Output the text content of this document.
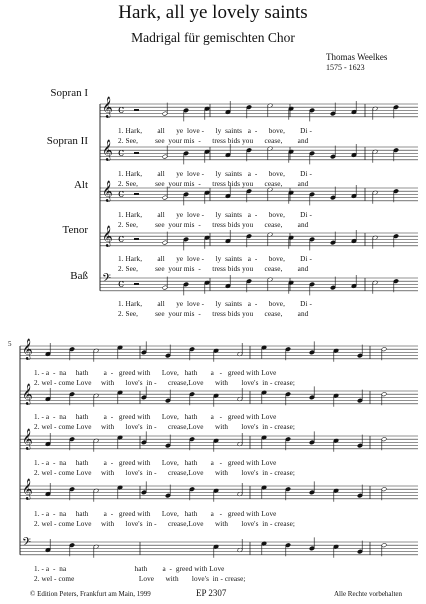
Hark, all ye lovely saints
Madrigal für gemischten Chor
Thomas Weelkes
1575 - 1623
Sopran I
Sopran II
Alt
Tenor
Baß
5
𝄞 c
𝄞 c
𝄞 c
𝄞 c
𝄢 c
𝄞
𝄞
𝄞
𝄞
𝄢
1. Hark,        all      ye  love -      ly  saints   a  -      bove,        Di -
2. See,         see  your mis  -      tress bids you      cease,        and
1. Hark,        all      ye  love -      ly  saints   a  -      bove,        Di -
2. See,         see  your mis  -      tress bids you      cease,        and
1. Hark,        all      ye  love -      ly  saints   a  -      bove,        Di -
2. See,         see  your mis  -      tress bids you      cease,        and
1. Hark,        all      ye  love -      ly  saints   a  -      bove,        Di -
2. See,         see  your mis  -      tress bids you      cease,        and
1. Hark,        all      ye  love -      ly  saints   a  -      bove,        Di -
2. See,         see  your mis  -      tress bids you      cease,        and
1. - a  -  na     hath        a  -   greed with      Love,   hath       a   -   greed with Love
2. wel - come Love     with      love's  in -      crease,Love      with       love's  in - crease;
1. - a  -  na     hath        a  -   greed with      Love,   hath       a   -   greed with Love
2. wel - come Love     with      love's  in -      crease,Love      with       love's  in - crease;
1. - a  -  na     hath        a  -   greed with      Love,   hath       a   -   greed with Love
2. wel - come Love     with      love's  in -      crease,Love      with       love's  in - crease;
1. - a  -  na     hath        a  -   greed with      Love,   hath       a   -   greed with Love
2. wel - come Love     with      love's  in -      crease,Love      with       love's  in - crease;
1. - a  -  na                                    hath        a  -  greed with Love
2. wel - come                                  Love      with       love's  in - crease;
© Edition Peters, Frankfurt am Main, 1999	EP 2307	Alle Rechte vorbehalten
